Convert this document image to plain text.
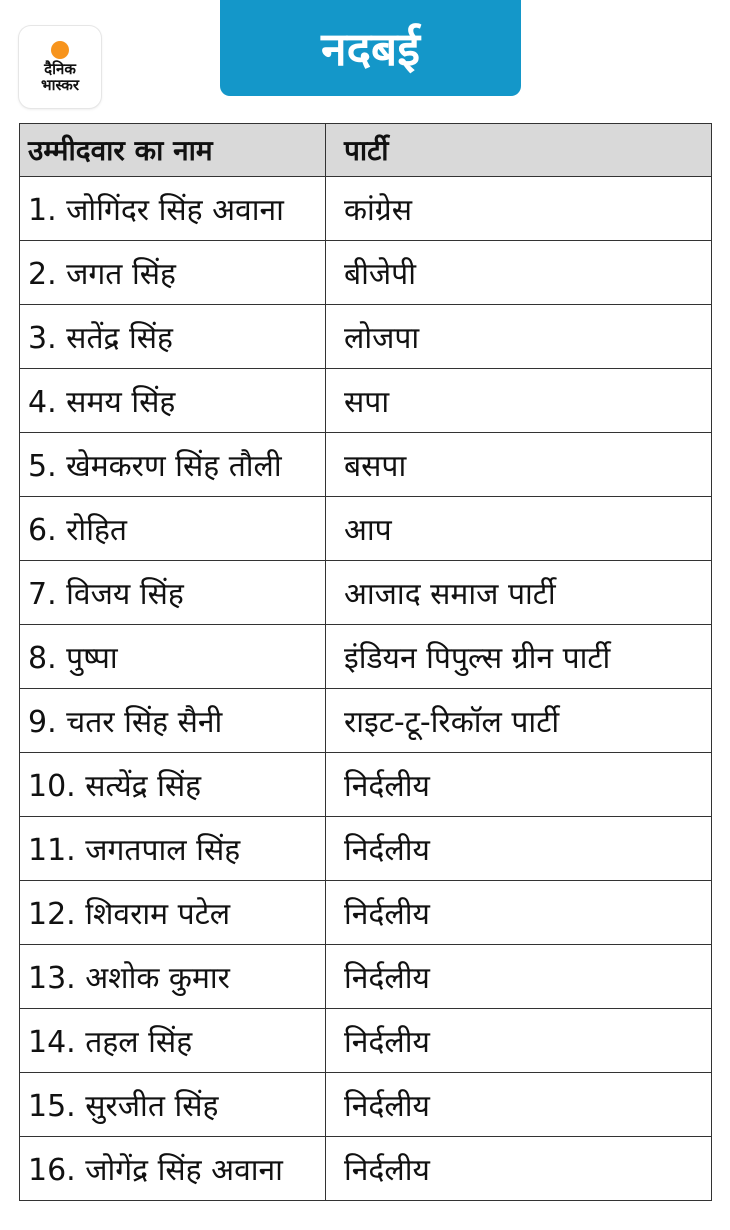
दैनिक
भास्कर
नदबई
उम्मीदवार का नाम	पार्टी
1. जोगिंदर सिंह अवाना	कांग्रेस
2. जगत सिंह	बीजेपी
3. सतेंद्र सिंह	लोजपा
4. समय सिंह	सपा
5. खेमकरण सिंह तौली	बसपा
6. रोहित	आप
7. विजय सिंह	आजाद समाज पार्टी
8. पुष्पा	इंडियन पिपुल्स ग्रीन पार्टी
9. चतर सिंह सैनी	राइट-टू-रिकॉल पार्टी
10. सत्येंद्र सिंह	निर्दलीय
11. जगतपाल सिंह	निर्दलीय
12. शिवराम पटेल	निर्दलीय
13. अशोक कुमार	निर्दलीय
14. तहल सिंह	निर्दलीय
15. सुरजीत सिंह	निर्दलीय
16. जोगेंद्र सिंह अवाना	निर्दलीय
